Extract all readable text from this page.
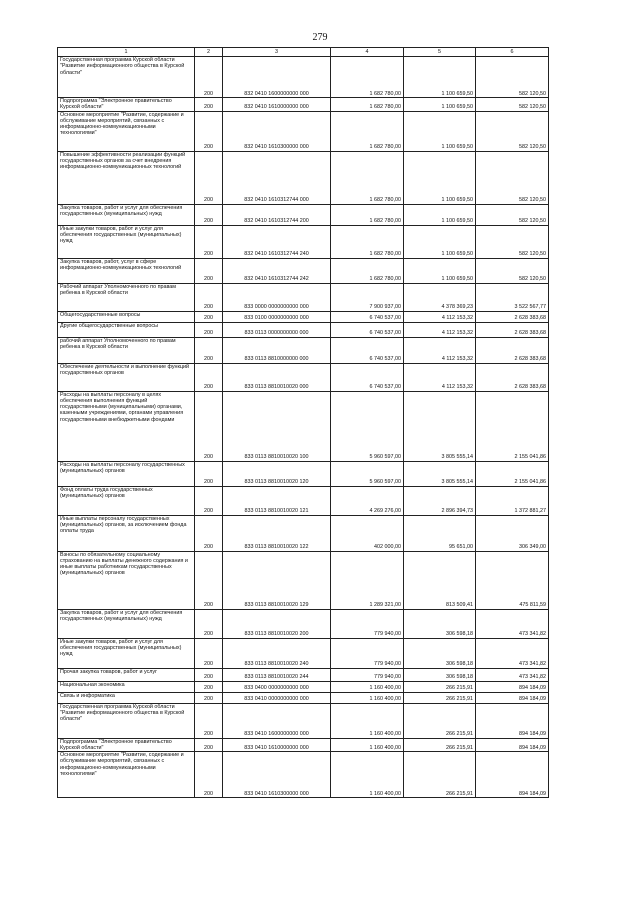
279
1	2	3	4	5	6
Государственная программа Курской области "Развитие информационного общества в Курской области"	200	832 0410 1600000000 000	1 682 780,00	1 100 659,50	582 120,50
Подпрограмма "Электронное правительство Курской области"	200	832 0410 1610000000 000	1 682 780,00	1 100 659,50	582 120,50
Основное мероприятие "Развитие, содержание и обслуживание мероприятий, связанных с информационно-коммуникационными технологиями"	200	832 0410 1610300000 000	1 682 780,00	1 100 659,50	582 120,50
Повышение эффективности реализации функций государственных органов за счет внедрения информационно-коммуникационных технологий	200	832 0410 1610312744 000	1 682 780,00	1 100 659,50	582 120,50
Закупка товаров, работ и услуг для обеспечения государственных (муниципальных) нужд	200	832 0410 1610312744 200	1 682 780,00	1 100 659,50	582 120,50
Иные закупки товаров, работ и услуг для обеспечения государственных (муниципальных) нужд	200	832 0410 1610312744 240	1 682 780,00	1 100 659,50	582 120,50
Закупка товаров, работ, услуг в сфере информационно-коммуникационных технологий	200	832 0410 1610312744 242	1 682 780,00	1 100 659,50	582 120,50
Рабочий аппарат Уполномоченного по правам ребенка в Курской области	200	833 0000 0000000000 000	7 900 937,00	4 378 369,23	3 522 567,77
Общегосударственные вопросы	200	833 0100 0000000000 000	6 740 537,00	4 112 153,32	2 628 383,68
Другие общегосударственные вопросы	200	833 0113 0000000000 000	6 740 537,00	4 112 153,32	2 628 383,68
рабочий аппарат Уполномоченного по правам ребенка в Курской области	200	833 0113 8810000000 000	6 740 537,00	4 112 153,32	2 628 383,68
Обеспечение деятельности и выполнение функций государственных органов	200	833 0113 8810010020 000	6 740 537,00	4 112 153,32	2 628 383,68
Расходы на выплаты персоналу в целях обеспечения выполнения функций государственными (муниципальными) органами, казенными учреждениями, органами управления государственными внебюджетными фондами	200	833 0113 8810010020 100	5 960 597,00	3 805 555,14	2 155 041,86
Расходы на выплаты персоналу государственных (муниципальных) органов	200	833 0113 8810010020 120	5 960 597,00	3 805 555,14	2 155 041,86
Фонд оплаты труда государственных (муниципальных) органов	200	833 0113 8810010020 121	4 269 276,00	2 896 394,73	1 372 881,27
Иные выплаты персоналу государственных (муниципальных) органов, за исключением фонда оплаты труда	200	833 0113 8810010020 122	402 000,00	95 651,00	306 349,00
Взносы по обязательному социальному страхованию на выплаты денежного содержания и иные выплаты работникам государственных (муниципальных) органов	200	833 0113 8810010020 129	1 289 321,00	813 509,41	475 811,59
Закупка товаров, работ и услуг для обеспечения государственных (муниципальных) нужд	200	833 0113 8810010020 200	779 940,00	306 598,18	473 341,82
Иные закупки товаров, работ и услуг для обеспечения государственных (муниципальных) нужд	200	833 0113 8810010020 240	779 940,00	306 598,18	473 341,82
Прочая закупка товаров, работ и услуг	200	833 0113 8810010020 244	779 940,00	306 598,18	473 341,82
Национальная экономика	200	833 0400 0000000000 000	1 160 400,00	266 215,91	894 184,09
Связь и информатика	200	833 0410 0000000000 000	1 160 400,00	266 215,91	894 184,09
Государственная программа Курской области "Развитие информационного общества в Курской области"	200	833 0410 1600000000 000	1 160 400,00	266 215,91	894 184,09
Подпрограмма "Электронное правительство Курской области"	200	833 0410 1610000000 000	1 160 400,00	266 215,91	894 184,09
Основное мероприятие "Развитие, содержание и обслуживание мероприятий, связанных с информационно-коммуникационными технологиями"	200	833 0410 1610300000 000	1 160 400,00	266 215,91	894 184,09
